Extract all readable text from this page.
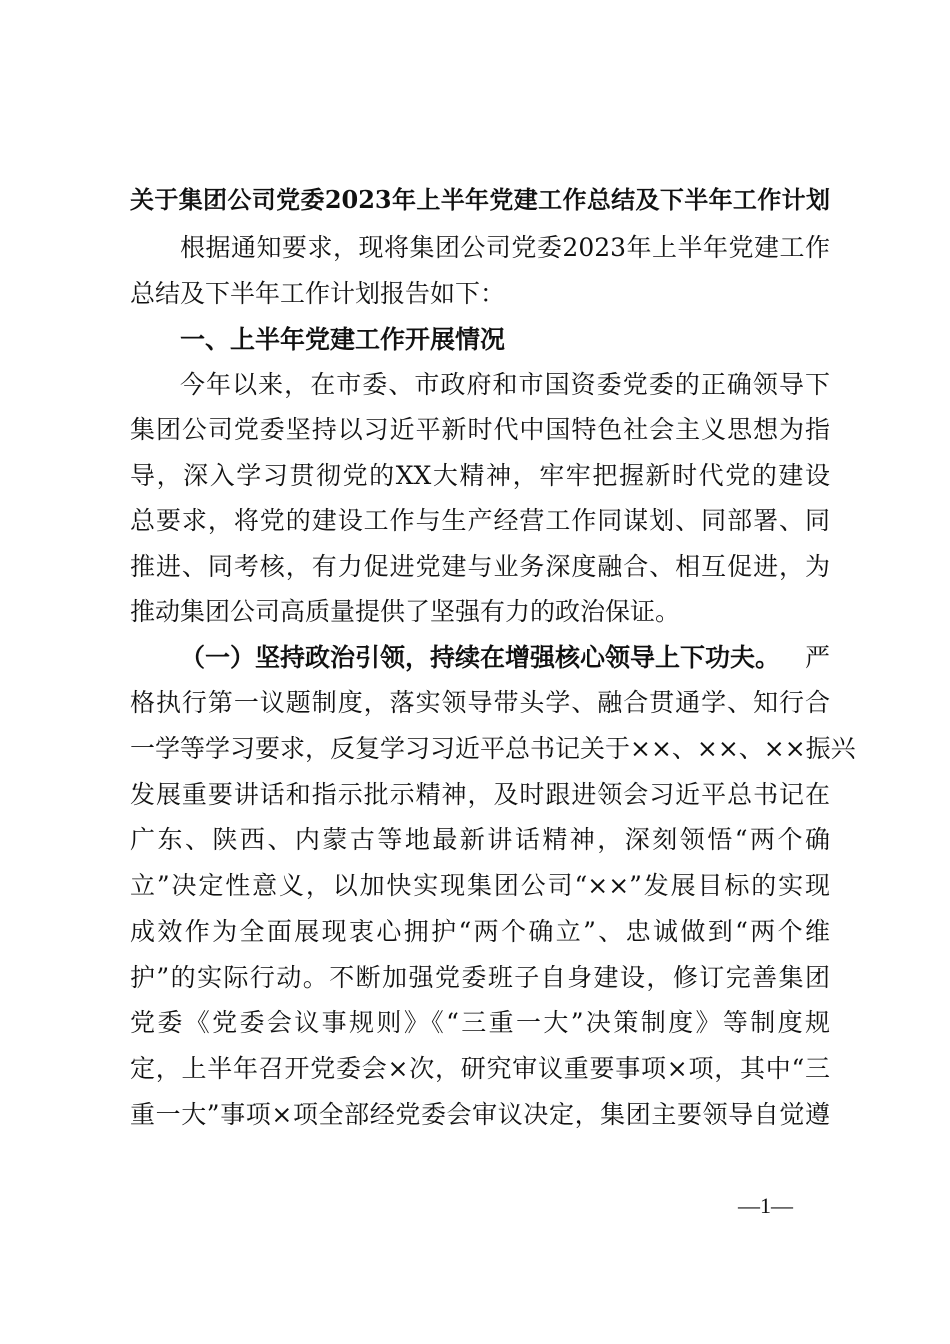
关于集团公司党委2023年上半年党建工作总结及下半年工作计划
根据通知要求，现将集团公司党委2023年上半年党建工作
总结及下半年工作计划报告如下：
一、上半年党建工作开展情况
今年以来，在市委、市政府和市国资委党委的正确领导下
集团公司党委坚持以习近平新时代中国特色社会主义思想为指
导，深入学习贯彻党的XX大精神，牢牢把握新时代党的建设
总要求，将党的建设工作与生产经营工作同谋划、同部署、同
推进、同考核，有力促进党建与业务深度融合、相互促进，为
推动集团公司高质量提供了坚强有力的政治保证。
（一）坚持政治引领，持续在增强核心领导上下功夫。 严
格执行第一议题制度，落实领导带头学、融合贯通学、知行合
一学等学习要求，反复学习习近平总书记关于××、××、××振兴
发展重要讲话和指示批示精神，及时跟进领会习近平总书记在
广东、陕西、内蒙古等地最新讲话精神，深刻领悟“两个确
立”决定性意义，以加快实现集团公司“××”发展目标的实现
成效作为全面展现衷心拥护“两个确立”、忠诚做到“两个维
护”的实际行动。不断加强党委班子自身建设，修订完善集团
党委《党委会议事规则》《“三重一大”决策制度》等制度规
定，上半年召开党委会×次，研究审议重要事项×项，其中“三
重一大”事项×项全部经党委会审议决定，集团主要领导自觉遵
—1—
